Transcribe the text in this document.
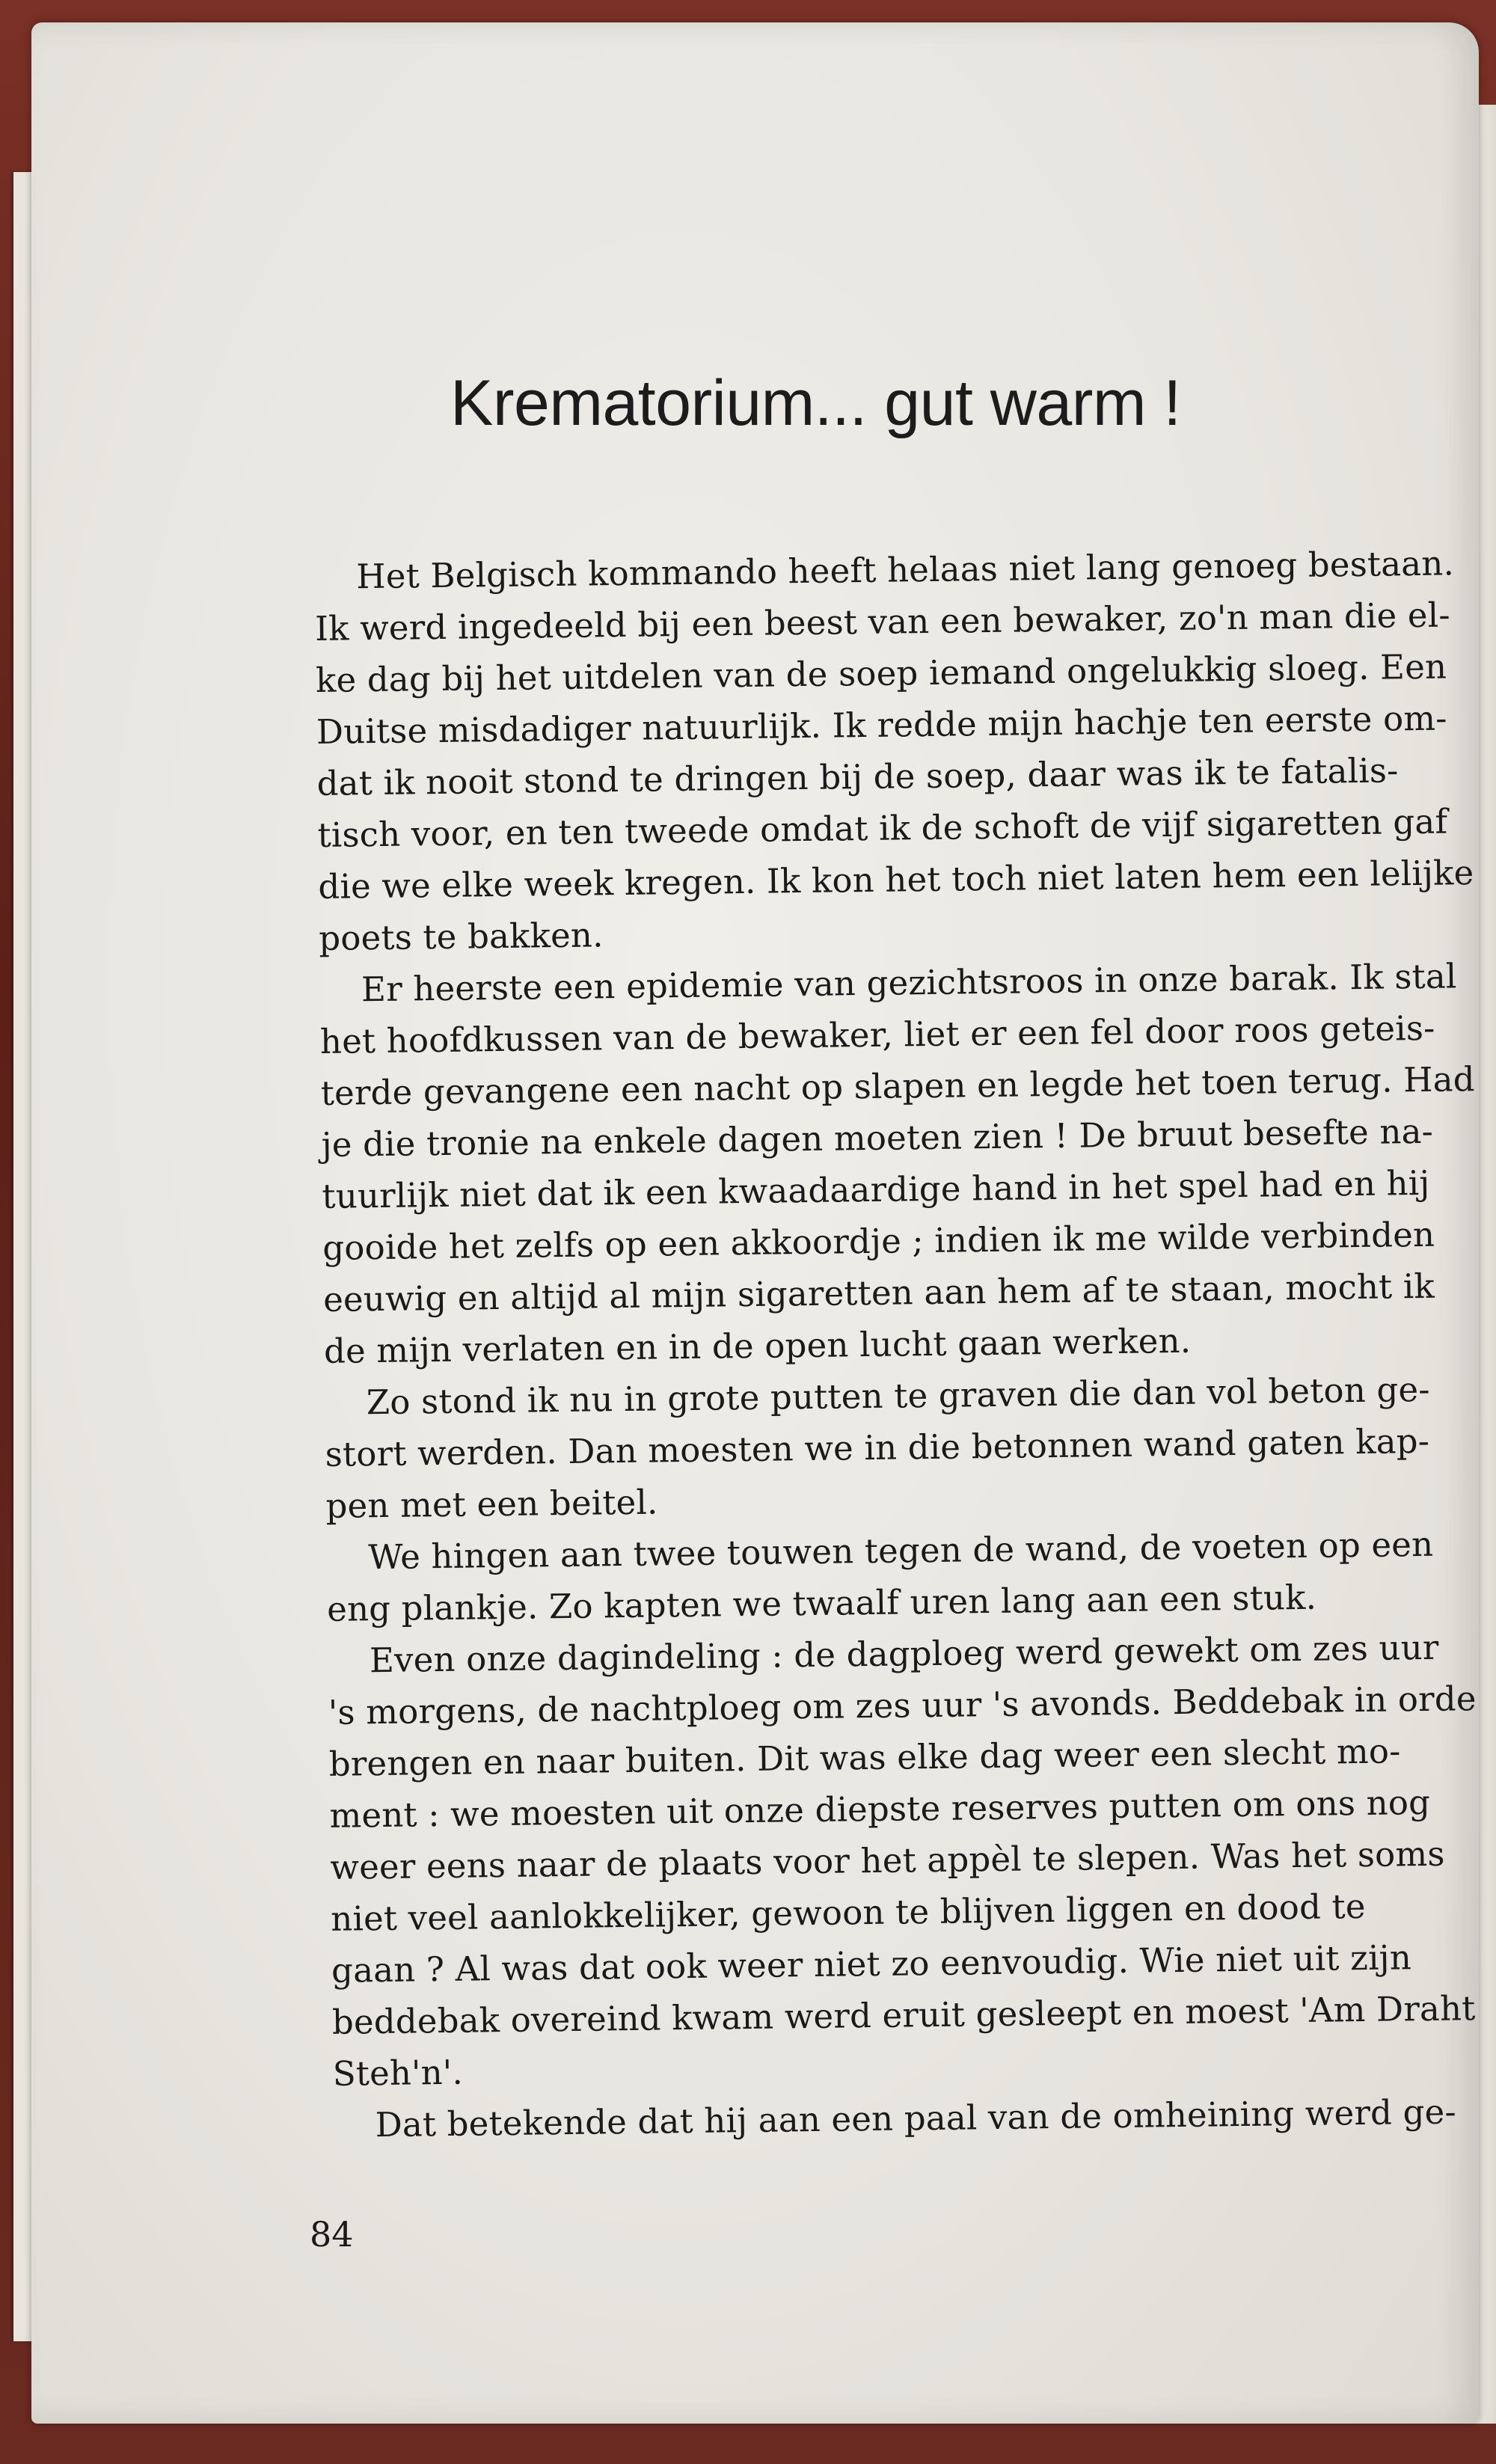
Krematorium... gut warm !

Het Belgisch kommando heeft helaas niet lang genoeg bestaan.

Ik werd ingedeeld bij een beest van een bewaker, zo'n man die el-

ke dag bij het uitdelen van de soep iemand ongelukkig sloeg. Een

Duitse misdadiger natuurlijk. Ik redde mijn hachje ten eerste om-

dat ik nooit stond te dringen bij de soep, daar was ik te fatalis-

tisch voor, en ten tweede omdat ik de schoft de vijf sigaretten gaf

die we elke week kregen. Ik kon het toch niet laten hem een lelijke

poets te bakken.

Er heerste een epidemie van gezichtsroos in onze barak. Ik stal

het hoofdkussen van de bewaker, liet er een fel door roos geteis-

terde gevangene een nacht op slapen en legde het toen terug. Had

je die tronie na enkele dagen moeten zien ! De bruut besefte na-

tuurlijk niet dat ik een kwaadaardige hand in het spel had en hij

gooide het zelfs op een akkoordje ; indien ik me wilde verbinden

eeuwig en altijd al mijn sigaretten aan hem af te staan, mocht ik

de mijn verlaten en in de open lucht gaan werken.

Zo stond ik nu in grote putten te graven die dan vol beton ge-

stort werden. Dan moesten we in die betonnen wand gaten kap-

pen met een beitel.

We hingen aan twee touwen tegen de wand, de voeten op een

eng plankje. Zo kapten we twaalf uren lang aan een stuk.

Even onze dagindeling : de dagploeg werd gewekt om zes uur

's morgens, de nachtploeg om zes uur 's avonds. Beddebak in orde

brengen en naar buiten. Dit was elke dag weer een slecht mo-

ment : we moesten uit onze diepste reserves putten om ons nog

weer eens naar de plaats voor het appèl te slepen. Was het soms

niet veel aanlokkelijker, gewoon te blijven liggen en dood te

gaan ? Al was dat ook weer niet zo eenvoudig. Wie niet uit zijn

beddebak overeind kwam werd eruit gesleept en moest 'Am Draht

Steh'n'.

Dat betekende dat hij aan een paal van de omheining werd ge-

84
